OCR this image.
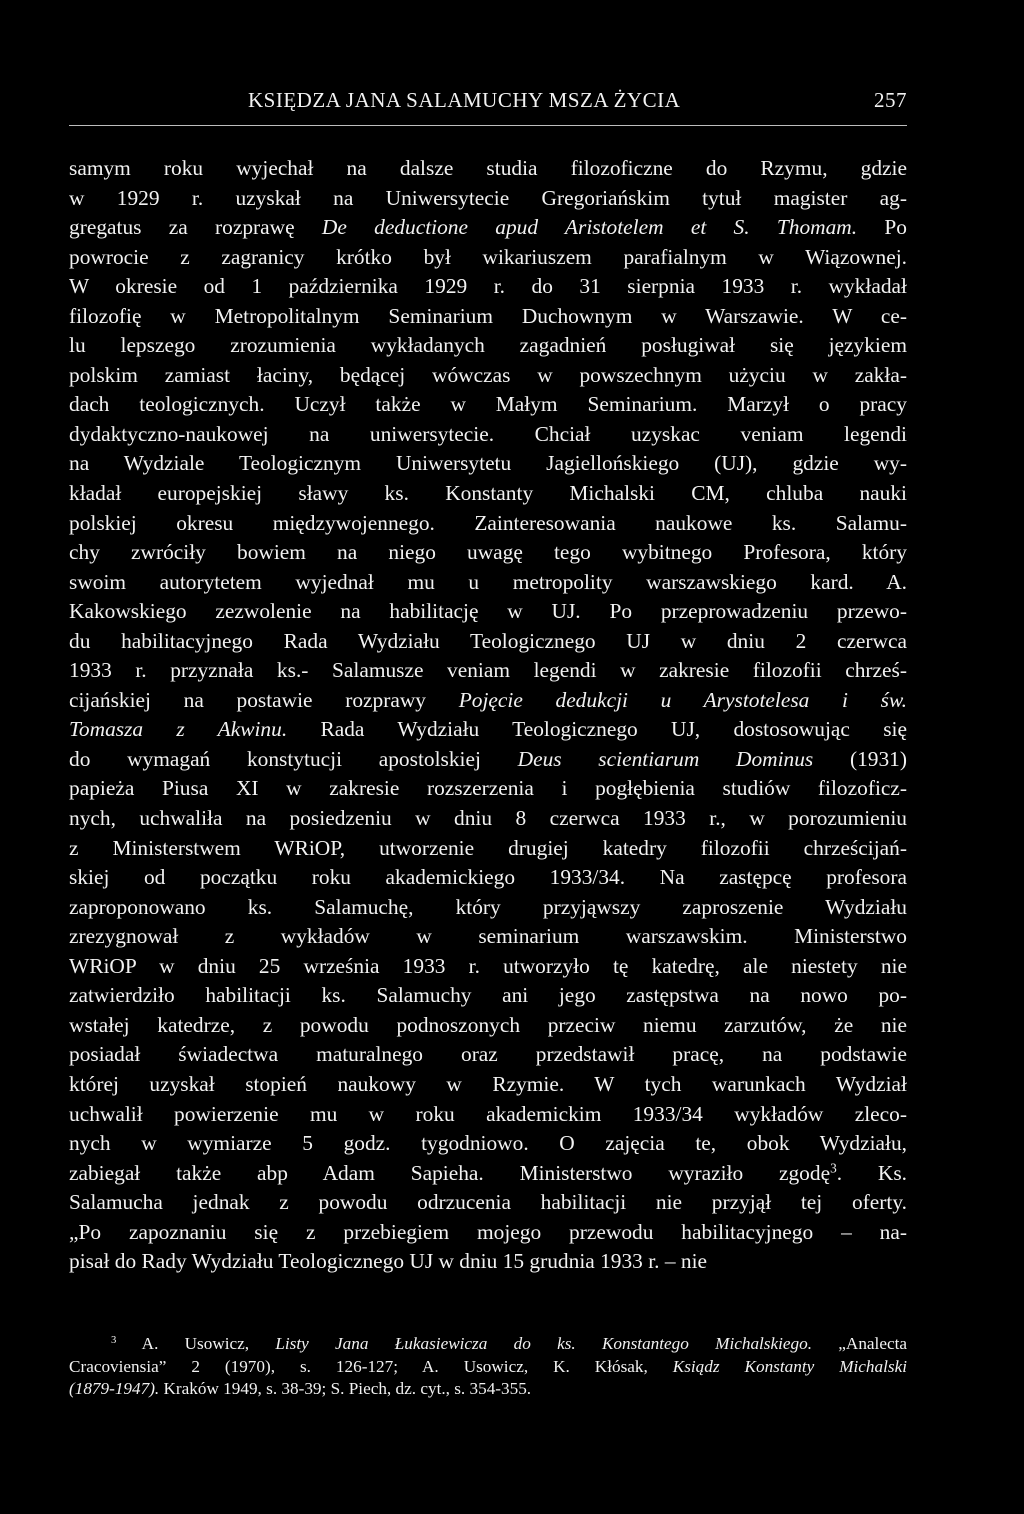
KSIĘDZA JANA SALAMUCHY MSZA ŻYCIA	257
samym roku wyjechał na dalsze studia filozoficzne do Rzymu, gdzie
w 1929 r. uzyskał na Uniwersytecie Gregoriańskim tytuł magister ag-
gregatus za rozprawę De deductione apud Aristotelem et S. Thomam. Po
powrocie z zagranicy krótko był wikariuszem parafialnym w Wiązownej.
W okresie od 1 października 1929 r. do 31 sierpnia 1933 r. wykładał
filozofię w Metropolitalnym Seminarium Duchownym w Warszawie. W ce-
lu lepszego zrozumienia wykładanych zagadnień posługiwał się językiem
polskim zamiast łaciny, będącej wówczas w powszechnym użyciu w zakła-
dach teologicznych. Uczył także w Małym Seminarium. Marzył o pracy
dydaktyczno-naukowej na uniwersytecie. Chciał uzyskac veniam legendi
na Wydziale Teologicznym Uniwersytetu Jagiellońskiego (UJ), gdzie wy-
kładał europejskiej sławy ks. Konstanty Michalski CM, chluba nauki
polskiej okresu międzywojennego. Zainteresowania naukowe ks. Salamu-
chy zwróciły bowiem na niego uwagę tego wybitnego Profesora, który
swoim autorytetem wyjednał mu u metropolity warszawskiego kard. A.
Kakowskiego zezwolenie na habilitację w UJ. Po przeprowadzeniu przewo-
du habilitacyjnego Rada Wydziału Teologicznego UJ w dniu 2 czerwca
1933 r. przyznała ks.- Salamusze veniam legendi w zakresie filozofii chrześ-
cijańskiej na postawie rozprawy Pojęcie dedukcji u Arystotelesa i św.
Tomasza z Akwinu. Rada Wydziału Teologicznego UJ, dostosowując się
do wymagań konstytucji apostolskiej Deus scientiarum Dominus (1931)
papieża Piusa XI w zakresie rozszerzenia i pogłębienia studiów filozoficz-
nych, uchwaliła na posiedzeniu w dniu 8 czerwca 1933 r., w porozumieniu
z Ministerstwem WRiOP, utworzenie drugiej katedry filozofii chrześcijań-
skiej od początku roku akademickiego 1933/34. Na zastępcę profesora
zaproponowano ks. Salamuchę, który przyjąwszy zaproszenie Wydziału
zrezygnował z wykładów w seminarium warszawskim. Ministerstwo
WRiOP w dniu 25 września 1933 r. utworzyło tę katedrę, ale niestety nie
zatwierdziło habilitacji ks. Salamuchy ani jego zastępstwa na nowo po-
wstałej katedrze, z powodu podnoszonych przeciw niemu zarzutów, że nie
posiadał świadectwa maturalnego oraz przedstawił pracę, na podstawie
której uzyskał stopień naukowy w Rzymie. W tych warunkach Wydział
uchwalił powierzenie mu w roku akademickim 1933/34 wykładów zleco-
nych w wymiarze 5 godz. tygodniowo. O zajęcia te, obok Wydziału,
zabiegał także abp Adam Sapieha. Ministerstwo wyraziło zgodę$^3$. Ks.
Salamucha jednak z powodu odrzucenia habilitacji nie przyjął tej oferty.
„Po zapoznaniu się z przebiegiem mojego przewodu habilitacyjnego – na-
pisał do Rady Wydziału Teologicznego UJ w dniu 15 grudnia 1933 r. – nie
$^3$ A. Usowicz, Listy Jana Łukasiewicza do ks. Konstantego Michalskiego. „Analecta
Cracoviensia” 2 (1970), s. 126-127; A. Usowicz, K. Kłósak, Ksiądz Konstanty Michalski
(1879-1947). Kraków 1949, s. 38-39; S. Piech, dz. cyt., s. 354-355.
